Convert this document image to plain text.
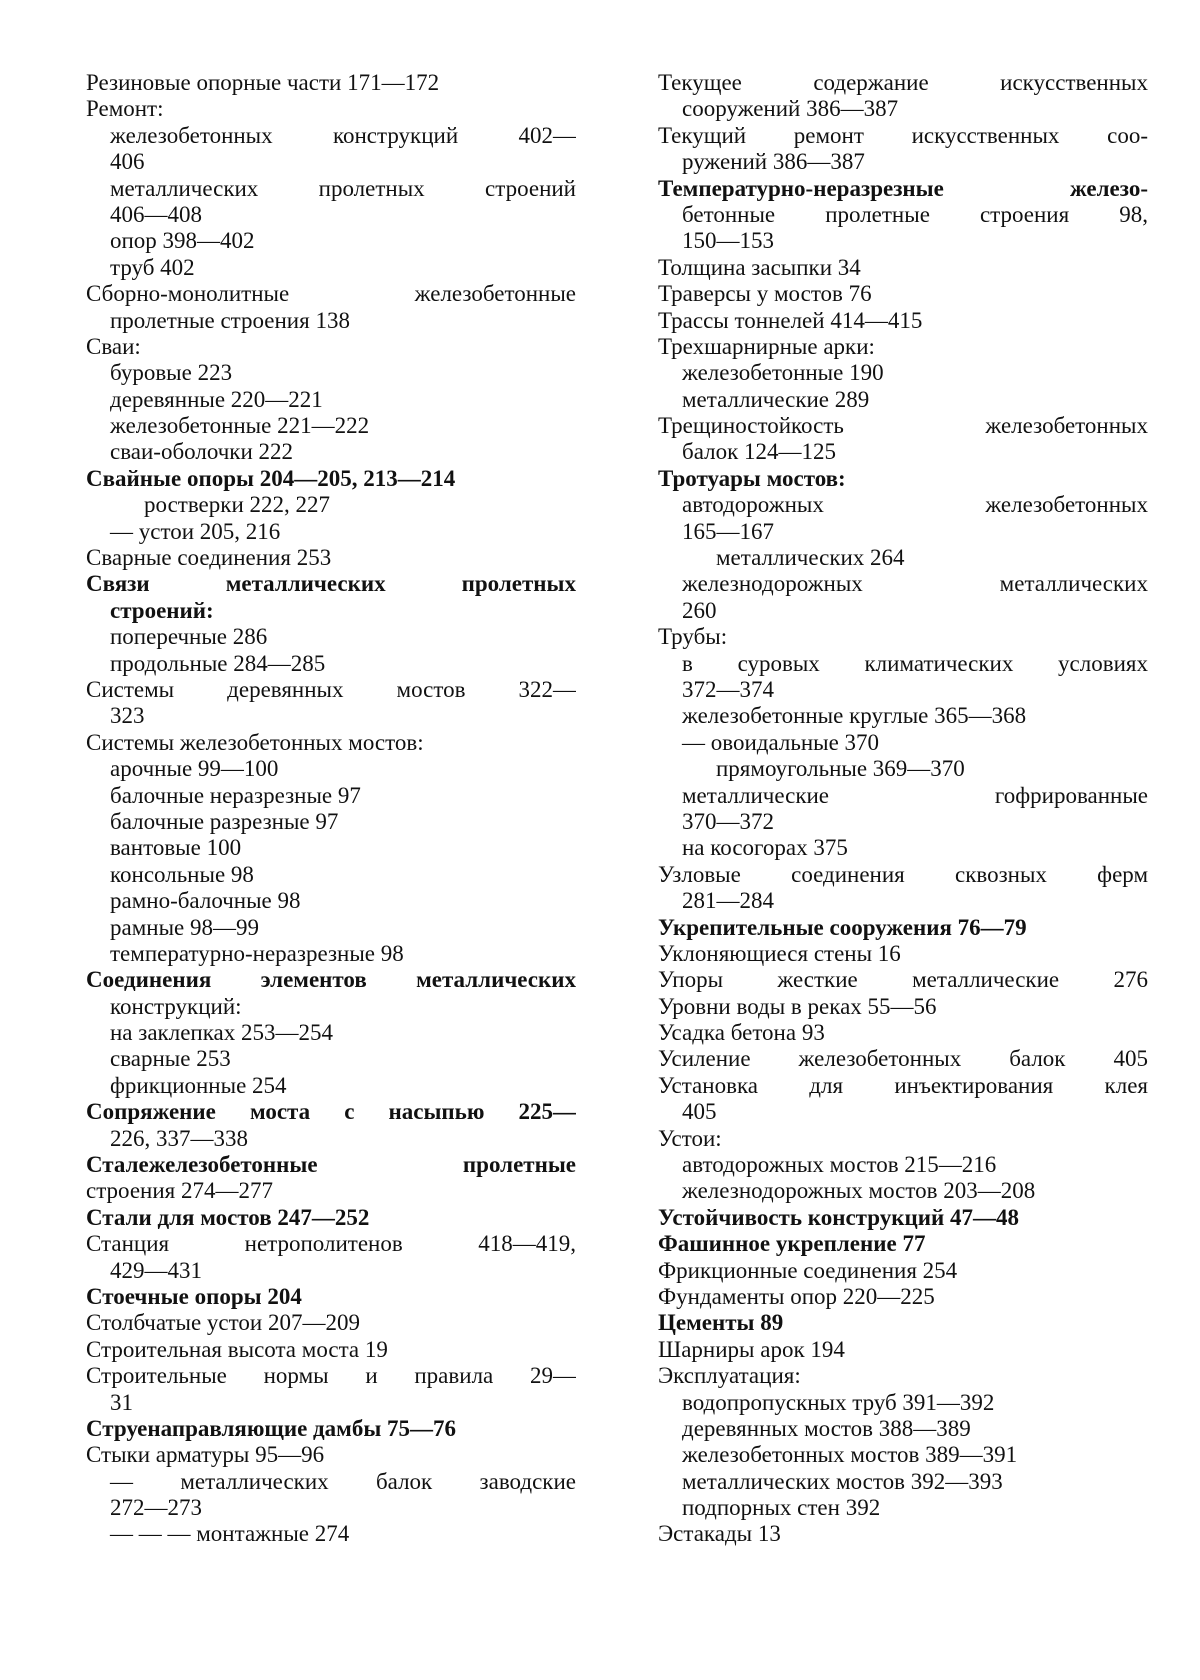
Резиновые опорные части 171—172
Ремонт:
железобетонных конструкций 402—
406
металлических пролетных строений
406—408
опор 398—402
труб 402
Сборно-монолитные железобетонные
пролетные строения 138
Сваи:
буровые 223
деревянные 220—221
железобетонные 221—222
сваи-оболочки 222
Свайные опоры 204—205, 213—214
ростверки 222, 227
— устои 205, 216
Сварные соединения 253
Связи металлических пролетных
строений:
поперечные 286
продольные 284—285
Системы деревянных мостов 322—
323
Системы железобетонных мостов:
арочные 99—100
балочные неразрезные 97
балочные разрезные 97
вантовые 100
консольные 98
рамно-балочные 98
рамные 98—99
температурно-неразрезные 98
Соединения элементов металлических
конструкций:
на заклепках 253—254
сварные 253
фрикционные 254
Сопряжение моста с насыпью 225—
226, 337—338
Сталежелезобетонные пролетные
строения 274—277
Стали для мостов 247—252
Станция нетрополитенов 418—419,
429—431
Стоечные опоры 204
Столбчатые устои 207—209
Строительная высота моста 19
Строительные нормы и правила 29—
31
Струенаправляющие дамбы 75—76
Стыки арматуры 95—96
— металлических балок заводские
272—273
— — — монтажные 274
Текущее содержание искусственных
сооружений 386—387
Текущий ремонт искусственных соо-
ружений 386—387
Температурно-неразрезные железо-
бетонные пролетные строения 98,
150—153
Толщина засыпки 34
Траверсы у мостов 76
Трассы тоннелей 414—415
Трехшарнирные арки:
железобетонные 190
металлические 289
Трещиностойкость железобетонных
балок 124—125
Тротуары мостов:
автодорожных железобетонных
165—167
металлических 264
железнодорожных металлических
260
Трубы:
в суровых климатических условиях
372—374
железобетонные круглые 365—368
— овоидальные 370
прямоугольные 369—370
металлические гофрированные
370—372
на косогорах 375
Узловые соединения сквозных ферм
281—284
Укрепительные сооружения 76—79
Уклоняющиеся стены 16
Упоры жесткие металлические 276
Уровни воды в реках 55—56
Усадка бетона 93
Усиление железобетонных балок 405
Установка для инъектирования клея
405
Устои:
автодорожных мостов 215—216
железнодорожных мостов 203—208
Устойчивость конструкций 47—48
Фашинное укрепление 77
Фрикционные соединения 254
Фундаменты опор 220—225
Цементы 89
Шарниры арок 194
Эксплуатация:
водопропускных труб 391—392
деревянных мостов 388—389
железобетонных мостов 389—391
металлических мостов 392—393
подпорных стен 392
Эстакады 13
